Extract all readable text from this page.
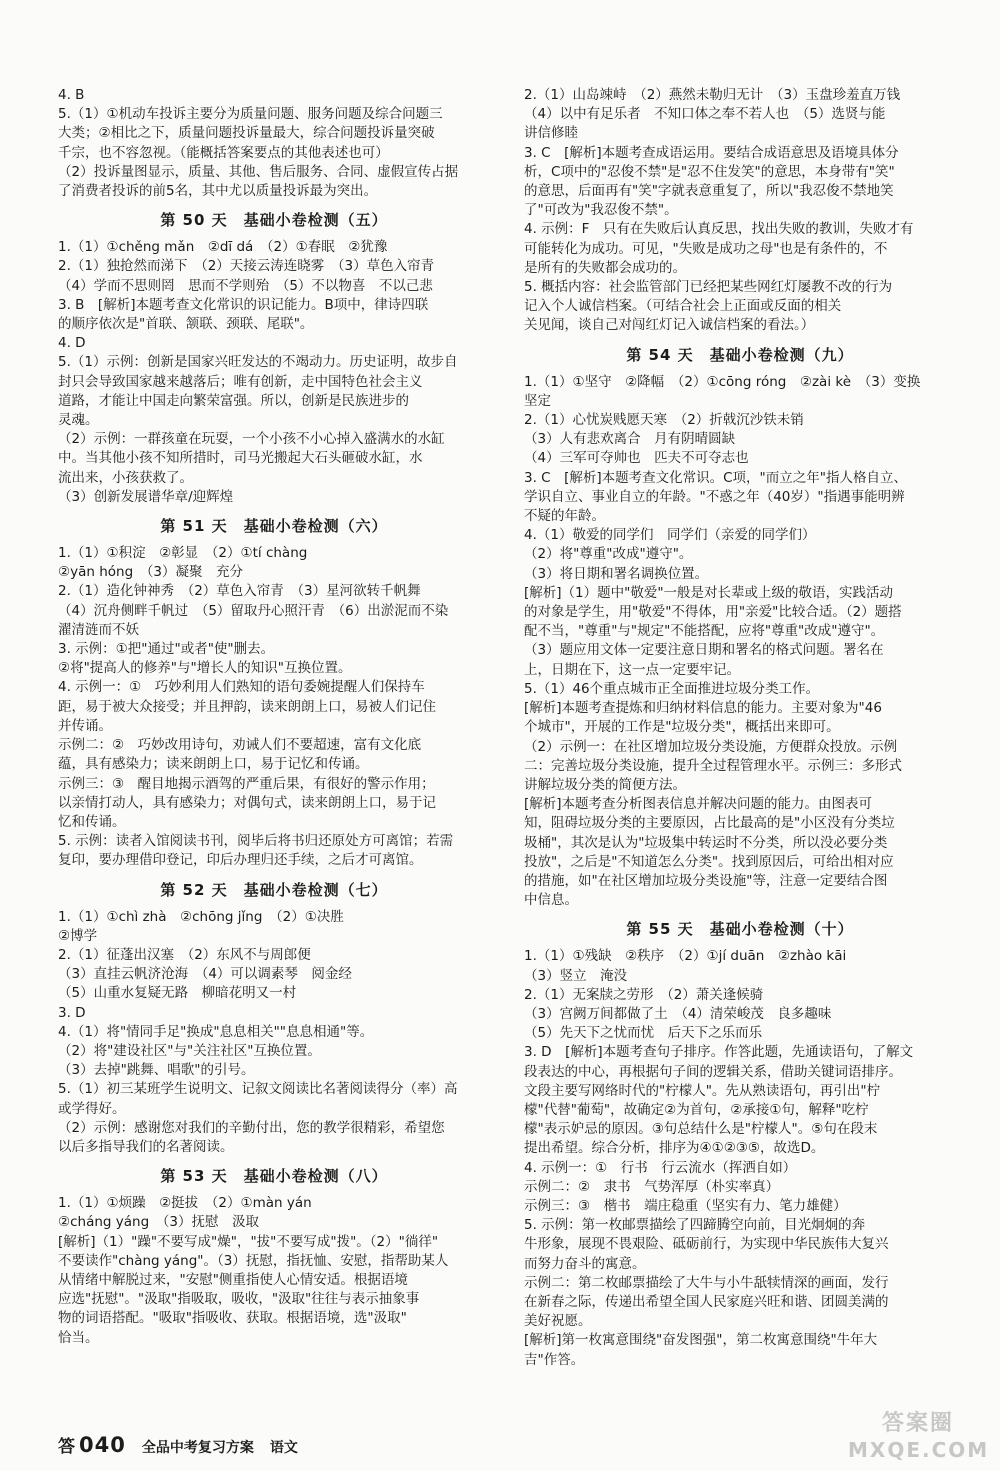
4. B
5.（1）①机动车投诉主要分为质量问题、服务问题及综合问题三
大类；②相比之下，质量问题投诉量最大，综合问题投诉量突破
千宗，也不容忽视。（能概括答案要点的其他表述也可）
（2）投诉量图显示，质量、其他、售后服务、合同、虚假宣传占据
了消费者投诉的前5名，其中尤以质量投诉最为突出。
第 50 天　基础小卷检测（五）
1.（1）①chěng mǎn　②dī dá　（2）①春眠　②犹豫
2.（1）独抢然而涕下　（2）天接云涛连晓雾　（3）草色入帘青
（4）学而不思则罔　思而不学则殆　（5）不以物喜　不以己悲
3. B　[解析]本题考查文化常识的识记能力。B项中，律诗四联
的顺序依次是"首联、颔联、颈联、尾联"。
4. D
5.（1）示例：创新是国家兴旺发达的不竭动力。历史证明，故步自
封只会导致国家越来越落后；唯有创新，走中国特色社会主义
道路，才能让中国走向繁荣富强。所以，创新是民族进步的
灵魂。
（2）示例：一群孩童在玩耍，一个小孩不小心掉入盛满水的水缸
中。当其他小孩不知所措时，司马光搬起大石头砸破水缸，水
流出来，小孩获救了。
（3）创新发展谱华章/迎辉煌
第 51 天　基础小卷检测（六）
1.（1）①积淀　②彰显　（2）①tí chàng
②yān hóng　（3）凝聚　充分
2.（1）造化钟神秀　（2）草色入帘青　（3）星河欲转千帆舞
（4）沉舟侧畔千帆过　（5）留取丹心照汗青　（6）出淤泥而不染
濯清涟而不妖
3. 示例：①把"通过"或者"使"删去。
②将"提高人的修养"与"增长人的知识"互换位置。
4. 示例一：①　巧妙利用人们熟知的语句委婉提醒人们保持车
距，易于被大众接受；并且押韵，读来朗朗上口，易被人们记住
并传诵。
示例二：②　巧妙改用诗句，劝诫人们不要超速，富有文化底
蕴，具有感染力；读来朗朗上口，易于记忆和传诵。
示例三：③　醒目地揭示酒驾的严重后果，有很好的警示作用；
以亲情打动人，具有感染力；对偶句式，读来朗朗上口，易于记
忆和传诵。
5. 示例：读者入馆阅读书刊，阅毕后将书归还原处方可离馆；若需
复印，要办理借印登记，印后办理归还手续，之后才可离馆。
第 52 天　基础小卷检测（七）
1.（1）①chì zhà　②chōng jǐng　（2）①决胜
②博学
2.（1）征蓬出汉塞　（2）东风不与周郎便
（3）直挂云帆济沧海　（4）可以调素琴　阅金经
（5）山重水复疑无路　柳暗花明又一村
3. D
4.（1）将"情同手足"换成"息息相关""息息相通"等。
（2）将"建设社区"与"关注社区"互换位置。
（3）去掉"跳舞、唱歌"的引号。
5.（1）初三某班学生说明文、记叙文阅读比名著阅读得分（率）高
或学得好。
（2）示例：感谢您对我们的辛勤付出，您的教学很精彩，希望您
以后多指导我们的名著阅读。
第 53 天　基础小卷检测（八）
1.（1）①烦躁　②挺拔　（2）①màn yán
②cháng yáng　（3）抚慰　汲取
[解析]（1）"躁"不要写成"燥"，"拔"不要写成"拨"。（2）"徜徉"
不要读作"chàng yáng"。（3）抚慰，指抚恤、安慰，指帮助某人
从情绪中解脱过来，"安慰"侧重指使人心情安适。根据语境
应选"抚慰"。"汲取"指吸取，吸收，"汲取"往往与表示抽象事
物的词语搭配。"吸取"指吸收、获取。根据语境，选"汲取"
恰当。
2.（1）山岛竦峙　（2）燕然未勒归无计　（3）玉盘珍羞直万钱
（4）以中有足乐者　不知口体之奉不若人也　（5）选贤与能
讲信修睦
3. C　[解析]本题考查成语运用。要结合成语意思及语境具体分
析，C项中的"忍俊不禁"是"忍不住发笑"的意思，本身带有"笑"
的意思，后面再有"笑"字就表意重复了，所以"我忍俊不禁地笑
了"可改为"我忍俊不禁"。
4. 示例：F　只有在失败后认真反思，找出失败的教训，失败才有
可能转化为成功。可见，"失败是成功之母"也是有条件的，不
是所有的失败都会成功的。
5. 概括内容：社会监管部门已经把某些网红灯屡教不改的行为
记入个人诚信档案。（可结合社会上正面或反面的相关
关见闻，谈自己对闯红灯记入诚信档案的看法。）
第 54 天　基础小卷检测（九）
1.（1）①坚守　②降幅　（2）①cōng róng　②zài kè　（3）变换
坚定
2.（1）心忧炭贱愿天寒　（2）折戟沉沙铁未销
（3）人有悲欢离合　月有阴晴圆缺
（4）三军可夺帅也　匹夫不可夺志也
3. C　[解析]本题考查文化常识。C项，"而立之年"指人格自立、
学识自立、事业自立的年龄。"不惑之年（40岁）"指遇事能明辨
不疑的年龄。
4.（1）敬爱的同学们　同学们（亲爱的同学们）
（2）将"尊重"改成"遵守"。
（3）将日期和署名调换位置。
[解析]（1）题中"敬爱"一般是对长辈或上级的敬语，实践活动
的对象是学生，用"敬爱"不得体，用"亲爱"比较合适。（2）题搭
配不当，"尊重"与"规定"不能搭配，应将"尊重"改成"遵守"。
（3）题应用文体一定要注意日期和署名的格式问题。署名在
上，日期在下，这一点一定要牢记。
5.（1）46个重点城市正全面推进垃圾分类工作。
[解析]本题考查提炼和归纳材料信息的能力。主要对象为"46
个城市"，开展的工作是"垃圾分类"，概括出来即可。
（2）示例一：在社区增加垃圾分类设施，方便群众投放。示例
二：完善垃圾分类设施，提升全过程管理水平。示例三：多形式
讲解垃圾分类的简便方法。
[解析]本题考查分析图表信息并解决问题的能力。由图表可
知，阻碍垃圾分类的主要原因，占比最高的是"小区没有分类垃
圾桶"，其次是认为"垃圾集中转运时不分类，所以没必要分类
投放"，之后是"不知道怎么分类"。找到原因后，可给出相对应
的措施，如"在社区增加垃圾分类设施"等，注意一定要结合图
中信息。
第 55 天　基础小卷检测（十）
1.（1）①残缺　②秩序　（2）①jí duān　②zhào kāi
（3）竖立　淹没
2.（1）无案牍之劳形　（2）萧关逢候骑
（3）宫阙万间都做了土　（4）清荣峻茂　良多趣味
（5）先天下之忧而忧　后天下之乐而乐
3. D　[解析]本题考查句子排序。作答此题，先通读语句，了解文
段表达的中心，再根据句子间的逻辑关系，借助关键词语排序。
文段主要写网络时代的"柠檬人"。先从熟读语句，再引出"柠
檬"代替"葡萄"，故确定②为首句，②承接①句，解释"吃柠
檬"表示妒忌的原因。③句总结什么是"柠檬人"。⑤句在段末
提出希望。综合分析，排序为④①②③⑤，故选D。
4. 示例一：①　行书　行云流水（挥洒自如）
示例二：②　隶书　气势浑厚（朴实率真）
示例三：③　楷书　端庄稳重（坚实有力、笔力雄健）
5. 示例：第一枚邮票描绘了四蹄腾空向前，目光炯炯的奔
牛形象，展现不畏艰险、砥砺前行，为实现中华民族伟大复兴
而努力奋斗的寓意。
示例二：第二枚邮票描绘了大牛与小牛舐犊情深的画面，发行
在新春之际，传递出希望全国人民家庭兴旺和谐、团圆美满的
美好祝愿。
[解析]第一枚寓意围绕"奋发图强"，第二枚寓意围绕"牛年大
吉"作答。
答 040 全品中考复习方案 语文
答案圈
MXQE.COM
